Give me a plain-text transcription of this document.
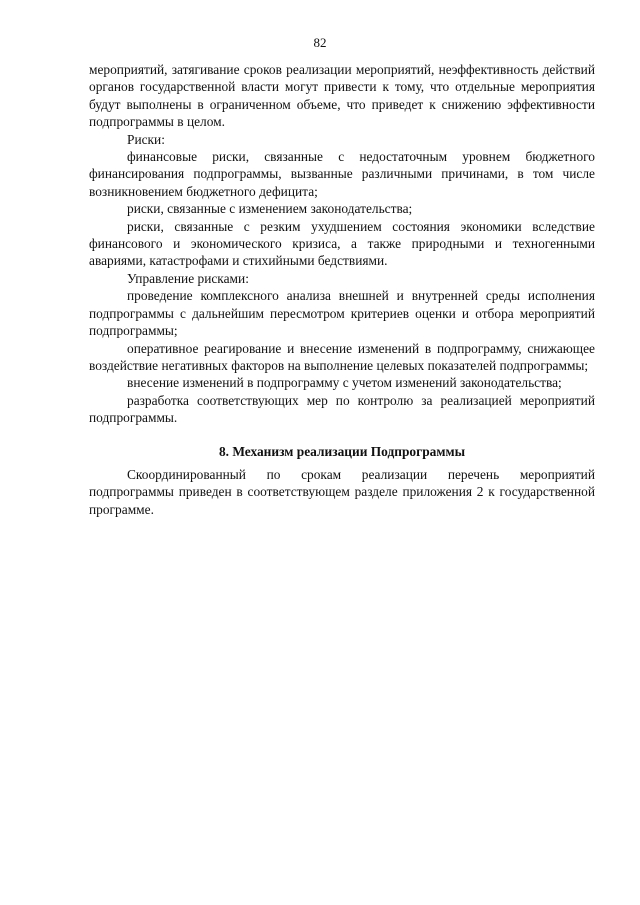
82

мероприятий, затягивание сроков реализации мероприятий, неэффективность действий органов государственной власти могут привести к тому, что отдельные мероприятия будут выполнены в ограниченном объеме, что приведет к снижению эффективности подпрограммы в целом.

Риски:

финансовые риски, связанные с недостаточным уровнем бюджетного финансирования подпрограммы, вызванные различными причинами, в том числе возникновением бюджетного дефицита;

риски, связанные с изменением законодательства;

риски, связанные с резким ухудшением состояния экономики вследствие финансового и экономического кризиса, а также природными и техногенными авариями, катастрофами и стихийными бедствиями.

Управление рисками:

проведение комплексного анализа внешней и внутренней среды исполнения подпрограммы с дальнейшим пересмотром критериев оценки и отбора мероприятий подпрограммы;

оперативное реагирование и внесение изменений в подпрограмму, снижающее воздействие негативных факторов на выполнение целевых показателей подпрограммы;

внесение изменений в подпрограмму с учетом изменений законодательства;

разработка соответствующих мер по контролю за реализацией мероприятий подпрограммы.

8. Механизм реализации Подпрограммы

Скоординированный по срокам реализации перечень мероприятий подпрограммы приведен в соответствующем разделе приложения 2 к государственной программе.
